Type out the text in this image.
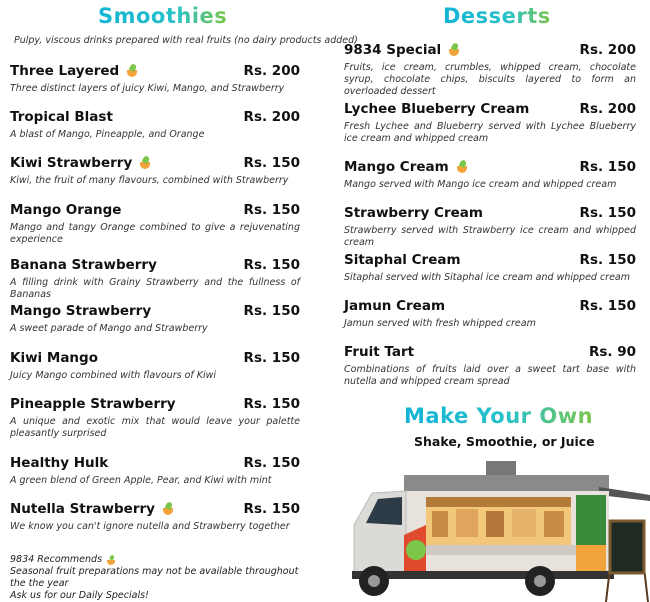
Smoothies
Pulpy, viscous drinks prepared with real fruits (no dairy products added)
Three Layered	Rs. 200
Three distinct layers of juicy Kiwi, Mango, and Strawberry
Tropical Blast	Rs. 200
A blast of Mango, Pineapple, and Orange
Kiwi Strawberry	Rs. 150
Kiwi, the fruit of many flavours, combined with Strawberry
Mango Orange	Rs. 150
Mango and tangy Orange combined to give a rejuvenating experience
Banana Strawberry	Rs. 150
A filling drink with Grainy Strawberry and the fullness of Bananas
Mango Strawberry	Rs. 150
A sweet parade of Mango and Strawberry
Kiwi Mango	Rs. 150
Juicy Mango combined with flavours of Kiwi
Pineapple Strawberry	Rs. 150
A unique and exotic mix that would leave your palette pleasantly surprised
Healthy Hulk	Rs. 150
A green blend of Green Apple, Pear, and Kiwi with mint
Nutella Strawberry	Rs. 150
We know you can't ignore nutella and Strawberry together
9834 Recommends
Seasonal fruit preparations may not be available throughout the the year
Ask us for our Daily Specials!
Desserts
9834 Special	Rs. 200
Fruits, ice cream, crumbles, whipped cream, chocolate syrup, chocolate chips, biscuits layered to form an overloaded dessert
Lychee Blueberry Cream	Rs. 200
Fresh Lychee and Blueberry served with Lychee Blueberry ice cream and whipped cream
Mango Cream	Rs. 150
Mango served with Mango ice cream and whipped cream
Strawberry Cream	Rs. 150
Strawberry served with Strawberry ice cream and whipped cream
Sitaphal Cream	Rs. 150
Sitaphal served with Sitaphal ice cream and whipped cream
Jamun Cream	Rs. 150
Jamun served with fresh whipped cream
Fruit Tart	Rs. 90
Combinations of fruits laid over a sweet tart base with nutella and whipped cream spread
Make Your Own
Shake, Smoothie, or Juice
